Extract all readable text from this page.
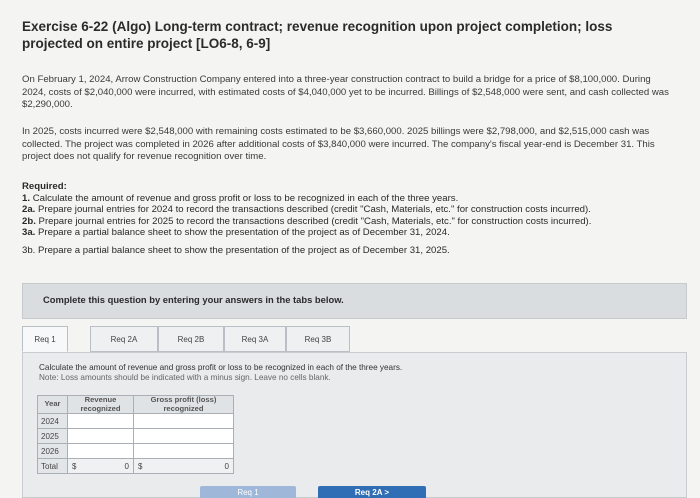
Exercise 6-22 (Algo) Long-term contract; revenue recognition upon project completion; loss projected on entire project [LO6-8, 6-9]
On February 1, 2024, Arrow Construction Company entered into a three-year construction contract to build a bridge for a price of $8,100,000. During 2024, costs of $2,040,000 were incurred, with estimated costs of $4,040,000 yet to be incurred. Billings of $2,548,000 were sent, and cash collected was $2,290,000.
In 2025, costs incurred were $2,548,000 with remaining costs estimated to be $3,660,000. 2025 billings were $2,798,000, and $2,515,000 cash was collected. The project was completed in 2026 after additional costs of $3,840,000 were incurred. The company's fiscal year-end is December 31. This project does not qualify for revenue recognition over time.
Required:
1. Calculate the amount of revenue and gross profit or loss to be recognized in each of the three years.
2a. Prepare journal entries for 2024 to record the transactions described (credit "Cash, Materials, etc." for construction costs incurred).
2b. Prepare journal entries for 2025 to record the transactions described (credit "Cash, Materials, etc." for construction costs incurred).
3a. Prepare a partial balance sheet to show the presentation of the project as of December 31, 2024.
3b. Prepare a partial balance sheet to show the presentation of the project as of December 31, 2025.
Complete this question by entering your answers in the tabs below.
Req 1	Req 2A	Req 2B	Req 3A	Req 3B
Calculate the amount of revenue and gross profit or loss to be recognized in each of the three years.
Note: Loss amounts should be indicated with a minus sign. Leave no cells blank.
Year	Revenue recognized	Gross profit (loss) recognized
2024		
2025		
2026		
Total	$ 0	$ 0
Req 1	Req 2A >
